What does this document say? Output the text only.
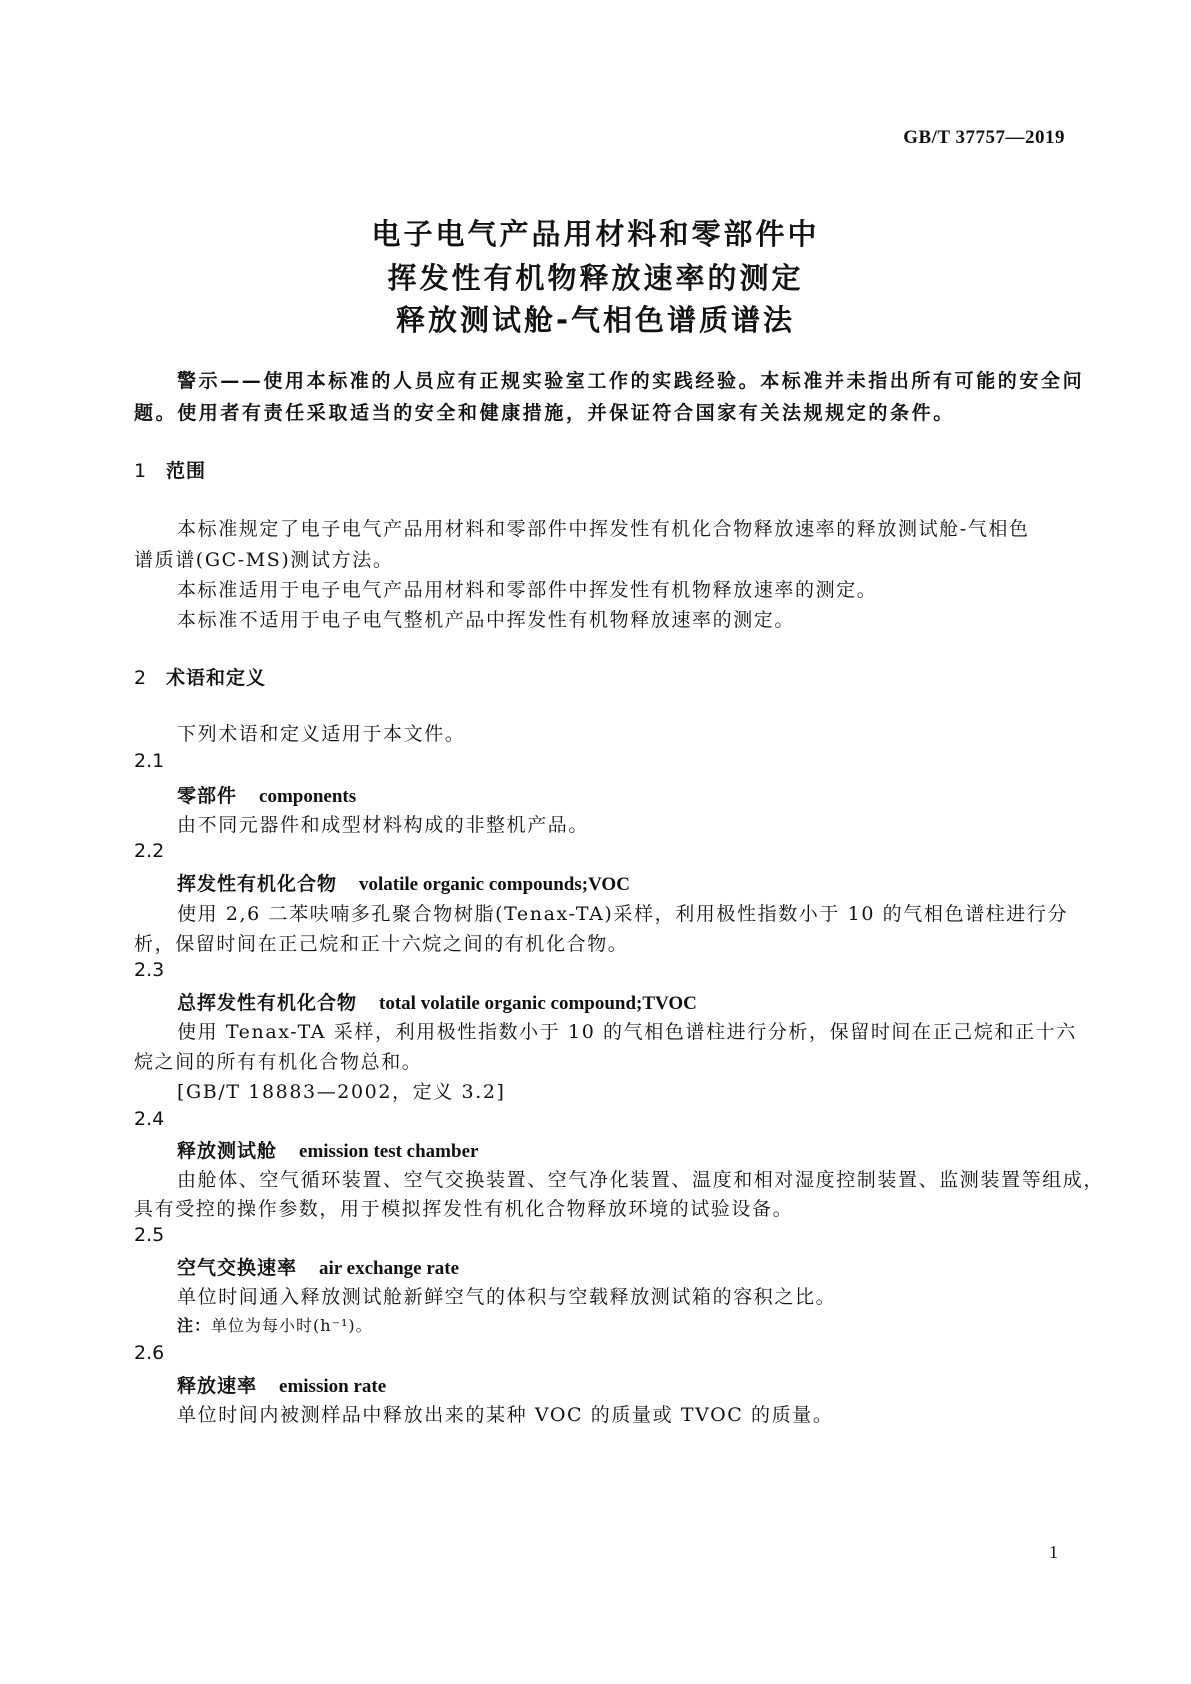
GB/T 37757—2019
电子电气产品用材料和零部件中
挥发性有机物释放速率的测定
释放测试舱-气相色谱质谱法
警示——使用本标准的人员应有正规实验室工作的实践经验。本标准并未指出所有可能的安全问
题。使用者有责任采取适当的安全和健康措施，并保证符合国家有关法规规定的条件。
1 范围
本标准规定了电子电气产品用材料和零部件中挥发性有机化合物释放速率的释放测试舱-气相色
谱质谱(GC-MS)测试方法。
本标准适用于电子电气产品用材料和零部件中挥发性有机物释放速率的测定。
本标准不适用于电子电气整机产品中挥发性有机物释放速率的测定。
2 术语和定义
下列术语和定义适用于本文件。
2.1
零部件 components
由不同元器件和成型材料构成的非整机产品。
2.2
挥发性有机化合物 volatile organic compounds;VOC
使用 2,6 二苯呋喃多孔聚合物树脂(Tenax-TA)采样，利用极性指数小于 10 的气相色谱柱进行分
析，保留时间在正己烷和正十六烷之间的有机化合物。
2.3
总挥发性有机化合物 total volatile organic compound;TVOC
使用 Tenax-TA 采样，利用极性指数小于 10 的气相色谱柱进行分析，保留时间在正己烷和正十六
烷之间的所有有机化合物总和。
[GB/T 18883—2002，定义 3.2]
2.4
释放测试舱 emission test chamber
由舱体、空气循环装置、空气交换装置、空气净化装置、温度和相对湿度控制装置、监测装置等组成，
具有受控的操作参数，用于模拟挥发性有机化合物释放环境的试验设备。
2.5
空气交换速率 air exchange rate
单位时间通入释放测试舱新鲜空气的体积与空载释放测试箱的容积之比。
注：单位为每小时(h⁻¹)。
2.6
释放速率 emission rate
单位时间内被测样品中释放出来的某种 VOC 的质量或 TVOC 的质量。
1
